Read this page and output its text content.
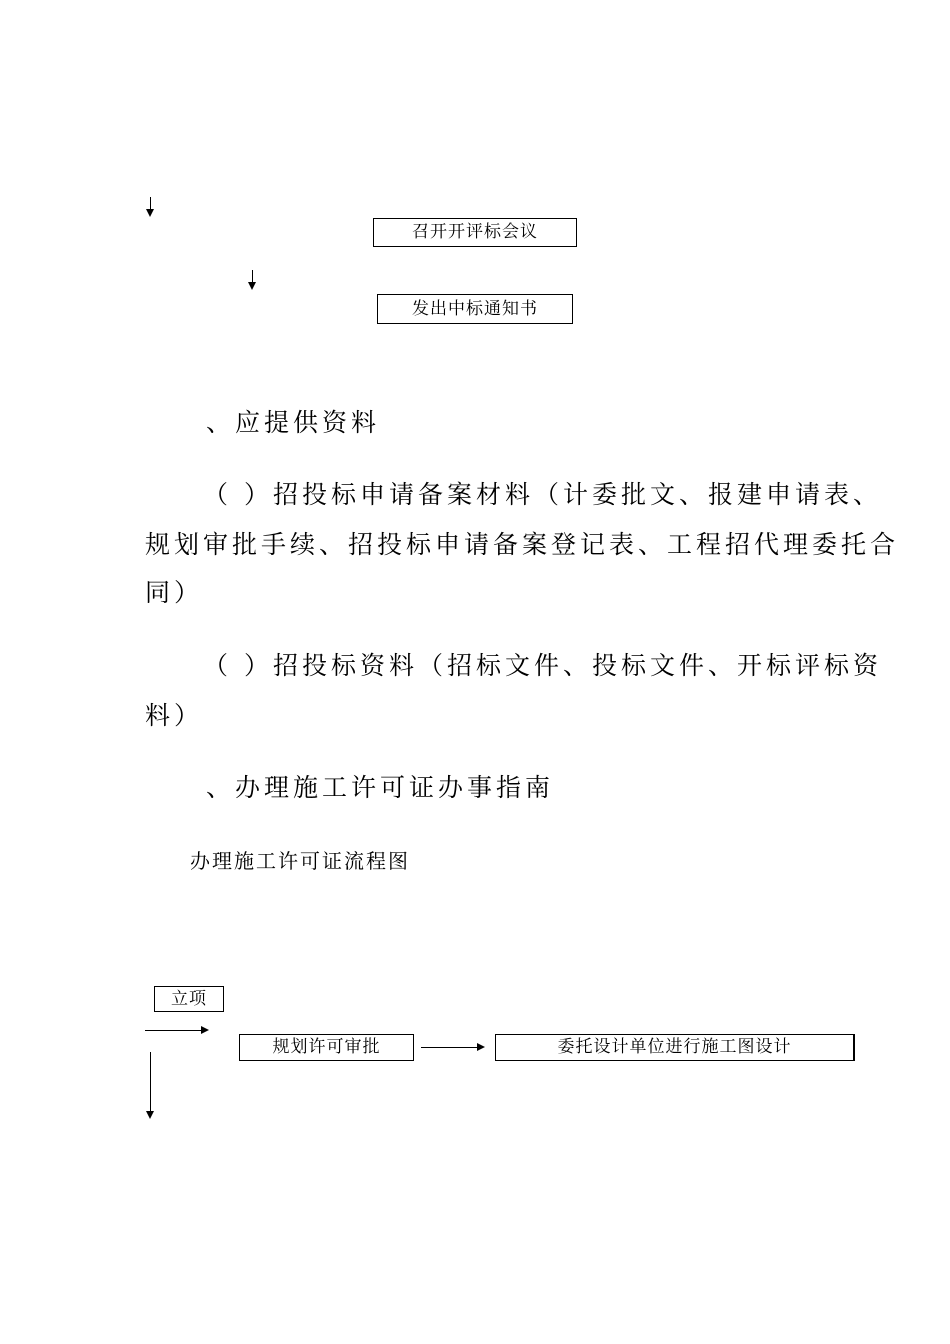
召开开评标会议
发出中标通知书
、应提供资料
（ ）招投标申请备案材料（计委批文、报建申请表、
规划审批手续、招投标申请备案登记表、工程招代理委托合
同）
（ ）招投标资料（招标文件、投标文件、开标评标资
料）
、办理施工许可证办事指南
办理施工许可证流程图
立项
规划许可审批	委托设计单位进行施工图设计
